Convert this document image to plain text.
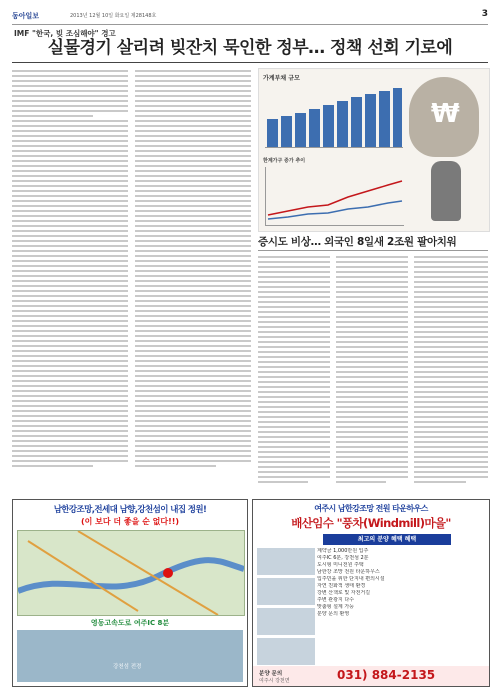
동아일보	2013년 12월 10일 화요일 제28148호	3
IMF "한국, 빚 조심해야" 경고
실물경기 살리려 빚잔치 묵인한 정부… 정책 선회 기로에
가계부채 규모
한계가구 증가 추이
₩
증시도 비상… 외국인 8일새 2조원 팔아치워
남한강조망,전세대 남향,강천섬이 내집 정원!
(이 보다 더 좋을 순 없다!!)
영동고속도로 여주IC 8분
강천섬 전경
여주시 남한강조망 전원 타운하우스
배산임수 "풍차(Windmill)마을"
최고의 분양 혜택 혜택
계약금 1,000만원 입주
여주IC 6분, 강천섬 2분
도시형 미니전원 주택
남한강 조망 전원 타운하우스
입주민을 위한 단지내 편의시설
자연 친화적 생태 환경
강변 산책로 및 자전거길
주변 관광지 다수
맞춤형 설계 가능
분양 문의 환영
분양 문의
여주시 강천면	031) 884-2135
